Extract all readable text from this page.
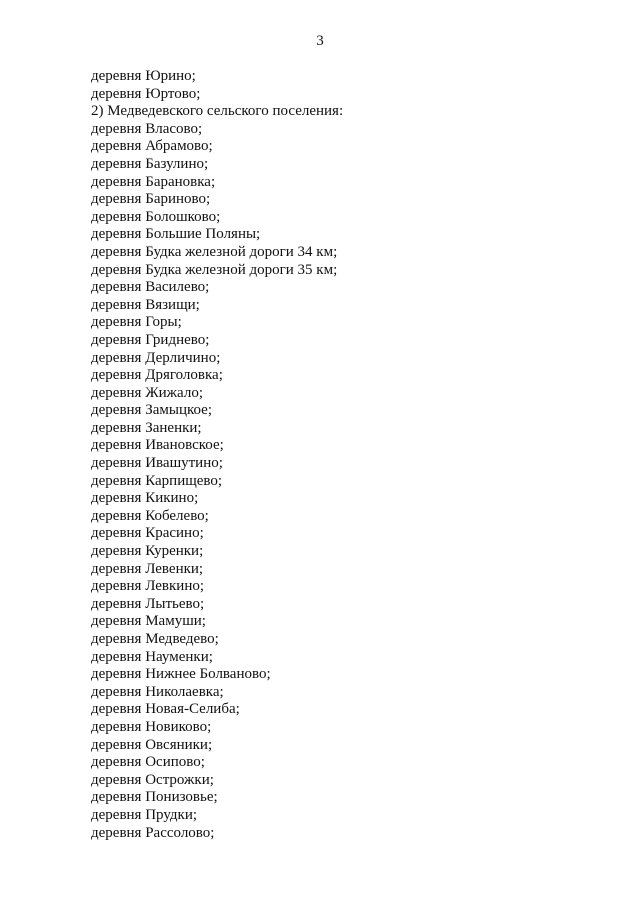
3
деревня Юрино;
деревня Юртово;
2) Медведевского сельского поселения:
деревня Власово;
деревня Абрамово;
деревня Базулино;
деревня Барановка;
деревня Бариново;
деревня Болошково;
деревня Большие Поляны;
деревня Будка железной дороги 34 км;
деревня Будка железной дороги 35 км;
деревня Василево;
деревня Вязищи;
деревня Горы;
деревня Гриднево;
деревня Дерличино;
деревня Дряголовка;
деревня Жижало;
деревня Замыцкое;
деревня Заненки;
деревня Ивановское;
деревня Ивашутино;
деревня Карпищево;
деревня Кикино;
деревня Кобелево;
деревня Красино;
деревня Куренки;
деревня Левенки;
деревня Левкино;
деревня Лытьево;
деревня Мамуши;
деревня Медведево;
деревня Науменки;
деревня Нижнее Болваново;
деревня Николаевка;
деревня Новая-Селиба;
деревня Новиково;
деревня Овсяники;
деревня Осипово;
деревня Острожки;
деревня Понизовье;
деревня Прудки;
деревня Рассолово;
